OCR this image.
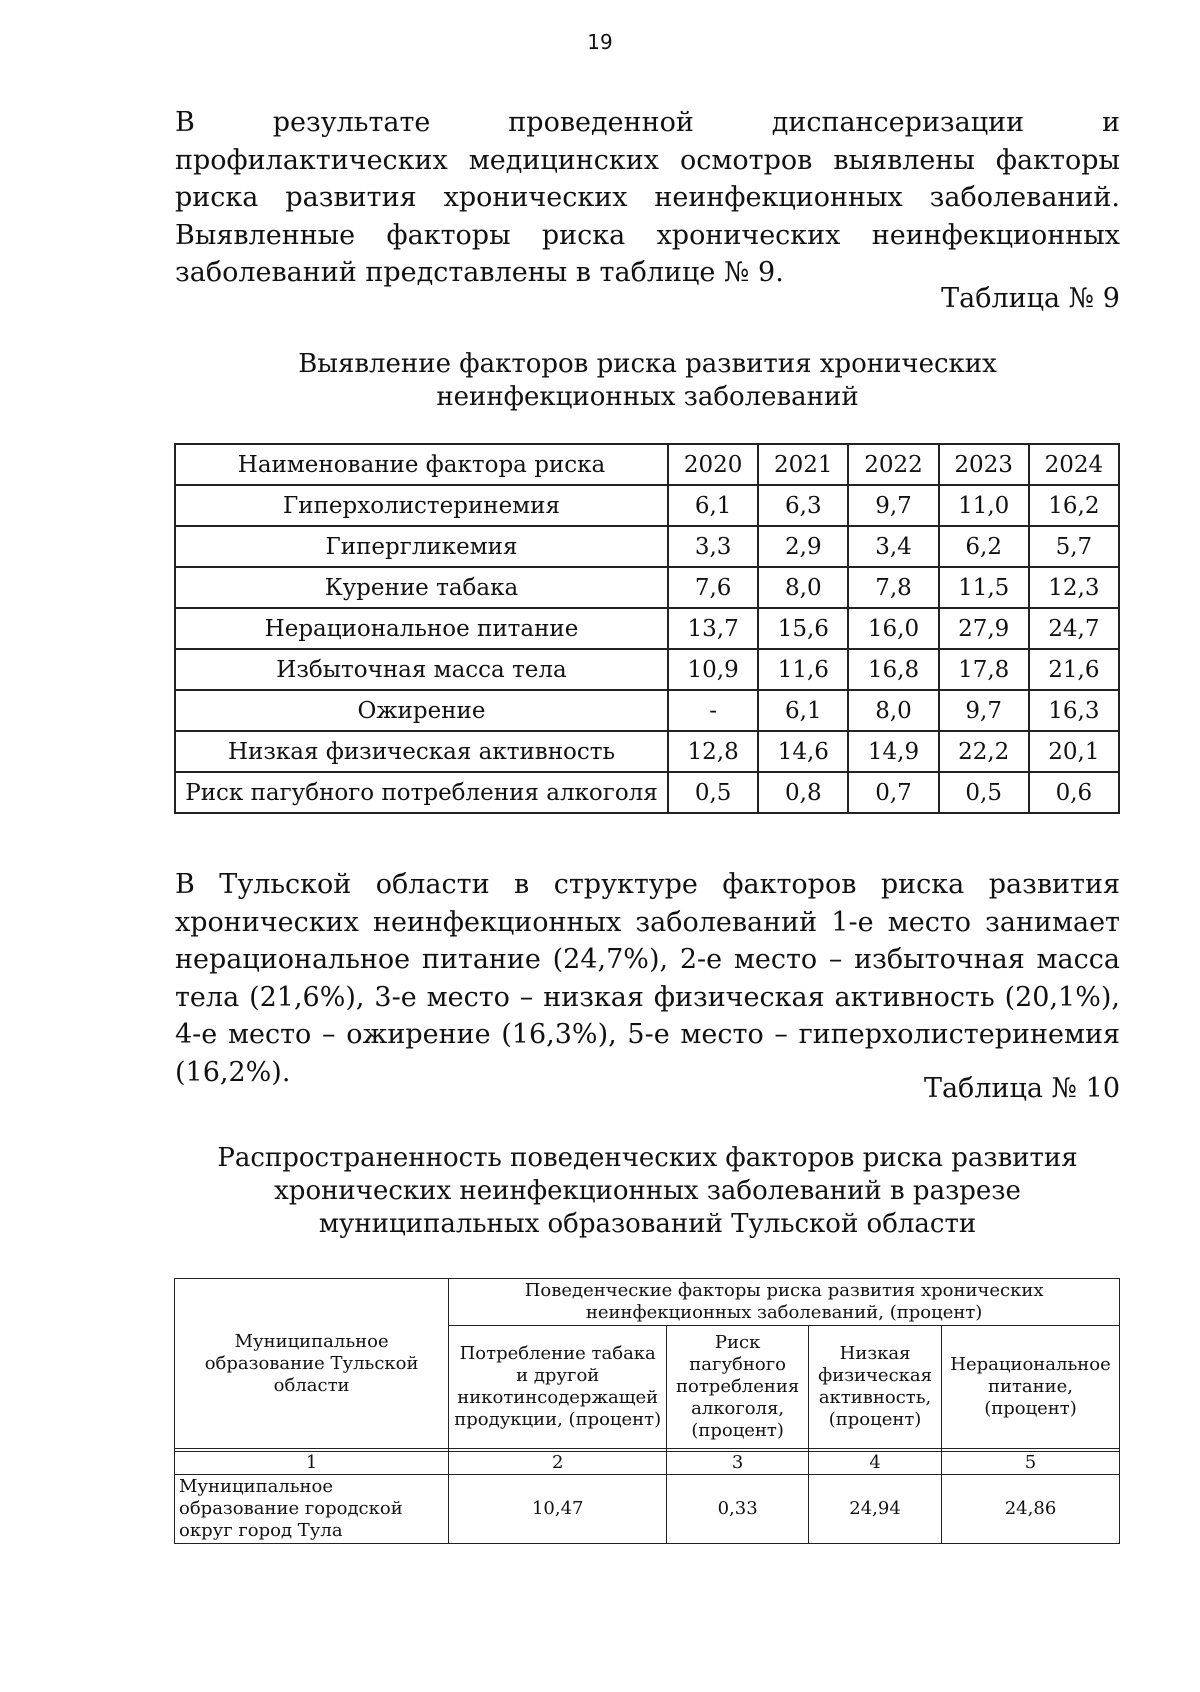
19

В результате проведенной диспансеризации и профилактических медицинских осмотров выявлены факторы риска развития хронических неинфекционных заболеваний. Выявленные факторы риска хронических неинфекционных заболеваний представлены в таблице № 9.

Таблица № 9

Выявление факторов риска развития хронических
неинфекционных заболеваний
Наименование фактора риска	2020	2021	2022	2023	2024
Гиперхолистеринемия	6,1	6,3	9,7	11,0	16,2
Гипергликемия	3,3	2,9	3,4	6,2	5,7
Курение табака	7,6	8,0	7,8	11,5	12,3
Нерациональное питание	13,7	15,6	16,0	27,9	24,7
Избыточная масса тела	10,9	11,6	16,8	17,8	21,6
Ожирение	-	6,1	8,0	9,7	16,3
Низкая физическая активность	12,8	14,6	14,9	22,2	20,1
Риск пагубного потребления алкоголя	0,5	0,8	0,7	0,5	0,6

В Тульской области в структуре факторов риска развития хронических неинфекционных заболеваний 1-е место занимает нерациональное питание (24,7%), 2-е место – избыточная масса тела (21,6%), 3-е место – низкая физическая активность (20,1%), 4-е место – ожирение (16,3%), 5-е место – гиперхолистеринемия (16,2%).

Таблица № 10

Распространенность поведенческих факторов риска развития
хронических неинфекционных заболеваний в разрезе
муниципальных образований Тульской области
Муниципальное образование Тульской области	Поведенческие факторы риска развития хронических неинфекционных заболеваний, (процент)			
	Потребление табака и другой никотинсодержащей продукции, (процент)	Риск пагубного потребления алкоголя, (процент)	Низкая физическая активность, (процент)	Нерациональное питание, (процент)

1	2	3	4	5
Муниципальное образование городской округ город Тула	10,47	0,33	24,94	24,86
